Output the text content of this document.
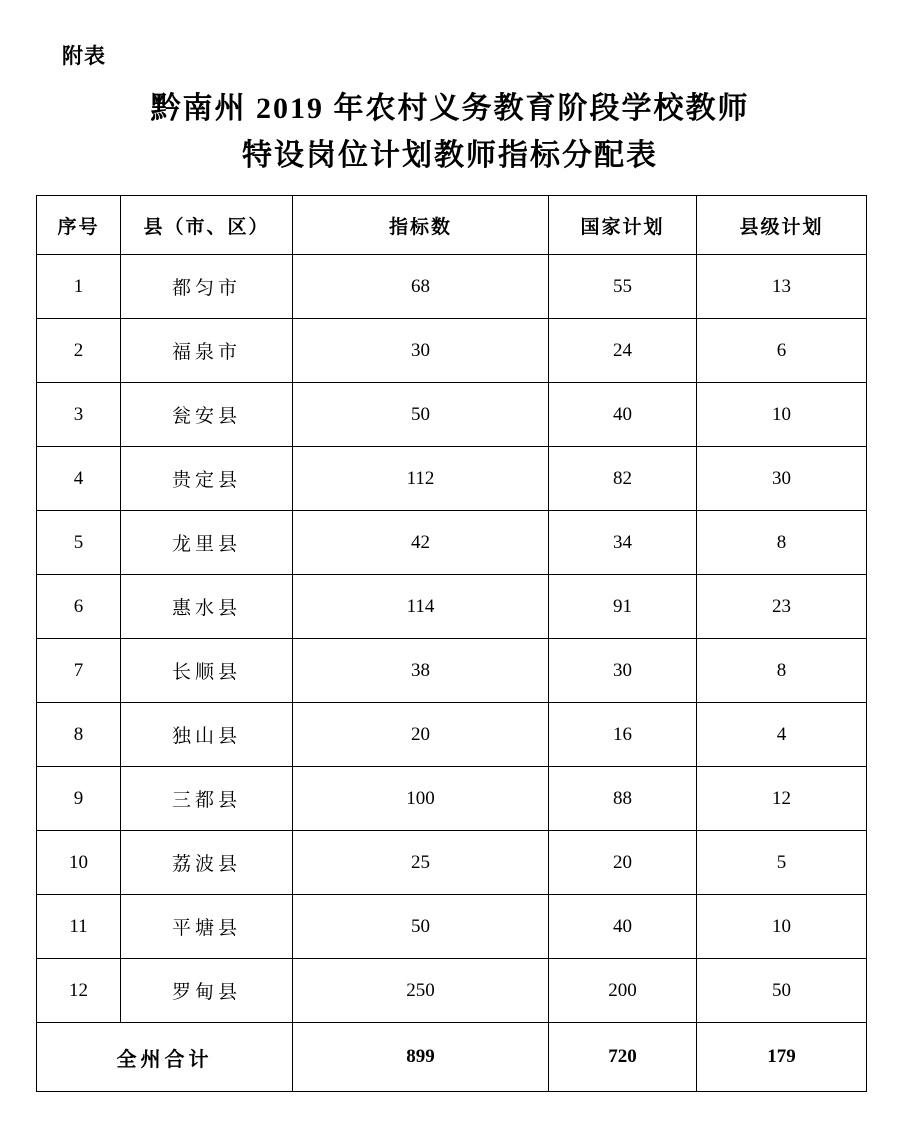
附表
黔南州 2019 年农村义务教育阶段学校教师
特设岗位计划教师指标分配表
序号	县（市、区）	指标数	国家计划	县级计划
1	都匀市	68	55	13
2	福泉市	30	24	6
3	瓮安县	50	40	10
4	贵定县	112	82	30
5	龙里县	42	34	8
6	惠水县	114	91	23
7	长顺县	38	30	8
8	独山县	20	16	4
9	三都县	100	88	12
10	荔波县	25	20	5
11	平塘县	50	40	10
12	罗甸县	250	200	50
全州合计		899	720	179
